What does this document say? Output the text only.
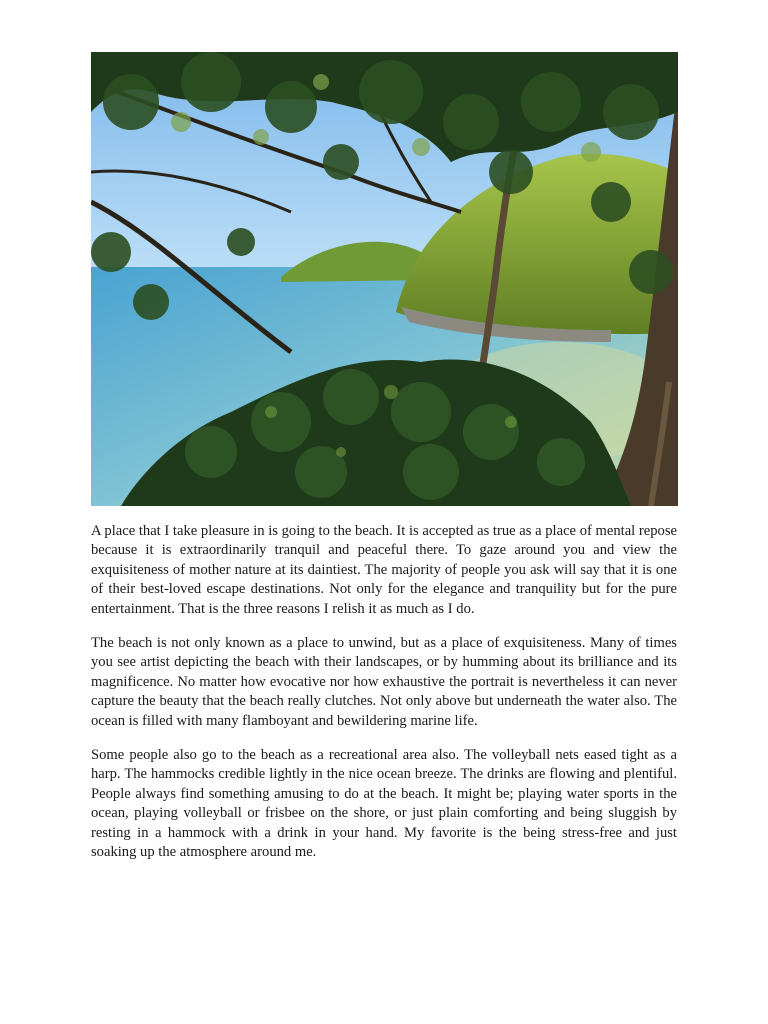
A place that I take pleasure in is going to the beach. It is accepted as true as a place of mental repose because it is extraordinarily tranquil and peaceful there. To gaze around you and view the exquisiteness of mother nature at its daintiest. The majority of people you ask will say that it is one of their best-loved escape destinations. Not only for the elegance and tranquility but for the pure entertainment. That is the three reasons I relish it as much as I do.

The beach is not only known as a place to unwind, but as a place of exquisiteness. Many of times you see artist depicting the beach with their landscapes, or by humming about its brilliance and its magnificence. No matter how evocative nor how exhaustive the portrait is nevertheless it can never capture the beauty that the beach really clutches. Not only above but underneath the water also. The ocean is filled with many flamboyant and bewildering marine life.

Some people also go to the beach as a recreational area also. The volleyball nets eased tight as a harp. The hammocks credible lightly in the nice ocean breeze. The drinks are flowing and plentiful. People always find something amusing to do at the beach. It might be; playing water sports in the ocean, playing volleyball or frisbee on the shore, or just plain comforting and being sluggish by resting in a hammock with a drink in your hand. My favorite is the being stress-free and just soaking up the atmosphere around me.
